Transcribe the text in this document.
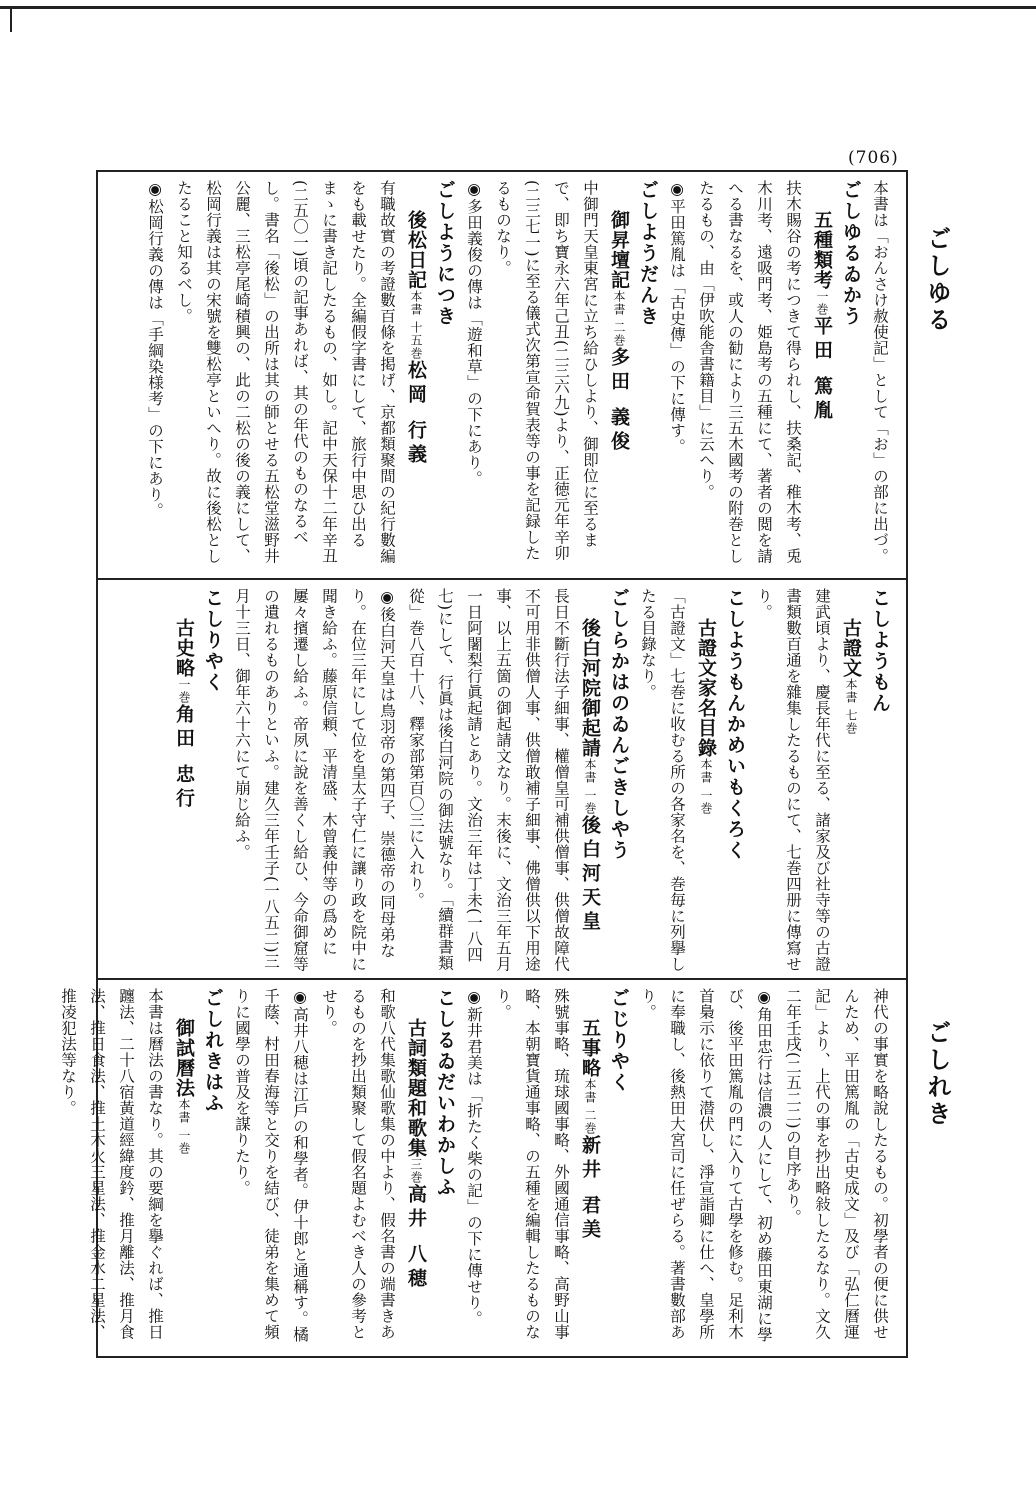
(706)
ごしゆる
ごしれき

本書は「おんさけ赦使記」として「お」の部に出づ。

ごしゆるゐかう

五種類考一巻平田 篤胤

扶木賜谷の考につきて得られし、扶桑記、稚木考、兎木川考、遠吸門考、姫島考の五種にて、著者の閲を請へる書なるを、或人の勧により三五木國考の附巻としたるもの、由「伊吹能舎書籍目」に云へり。

◉平田篤胤は「古史傳」の下に傳す。

ごしようだんき

御昇壇記本書 二巻多田 義俊

中御門天皇東宮に立ち給ひしより、御即位に至るまで、即ち寶永六年己丑(二三六九)より、正徳元年辛卯(二三七一)に至る儀式次第宣命賀表等の事を記録したるものなり。

◉多田義俊の傳は「遊和草」の下にあり。

ごしようにつき

後松日記本書 十五巻松岡 行義

有職故實の考證數百條を掲げ、京都類聚間の紀行數編をも載せたり。全編假字書にして、旅行中思ひ出るまゝに書き記したるもの、如し。記中天保十二年辛丑(二五〇一)頃の記事あれば、其の年代のものなるべし。書名「後松」の出所は其の師とせる五松堂滋野井公麗、三松亭尾崎積興の、此の二松の後の義にして、松岡行義は其の宋號を雙松亭といへり。故に後松としたること知るべし。

◉松岡行義の傳は「手綱染様考」の下にあり。

こしようもん

古證文本書 七巻

建武頃より、慶長年代に至る、諸家及び社寺等の古證書類數百通を雜集したるものにて、七巻四册に傳寫せり。

こしようもんかめいもくろく

古證文家名目錄本書 一巻

「古證文」七巻に收むる所の各家名を、巻毎に列擧したる目錄なり。

ごしらかはのゐんごきしやう

後白河院御起請本書 一巻後白河天皇

長日不斷行法子細事、權僧皇可補供僧事、供僧故障代不可用非供僧人事、供僧敢補子細事、佛僧供以下用途事、以上五箇の御起請文なり。末後に、文治三年五月一日阿闍梨行眞起請とあり。文治三年は丁未(一八四七)にして、行眞は後白河院の御法號なり。「續群書類從」巻八百十八、釋家部第百〇三に入れり。

◉後白河天皇は鳥羽帝の第四子、崇德帝の同母弟なり。在位三年にして位を皇太子守仁に讓り政を院中に聞き給ふ。藤原信頼、平清盛、木曾義仲等の爲めに屢々擯遷し給ふ。帝夙に說を善くし給ひ、今命御窟等の遺れるものありといふ。建久三年壬子(一八五二)三月十三日、御年六十六にて崩じ給ふ。

こしりやく

古史略一巻角田 忠行

神代の事實を略說したるもの。初學者の便に供せんため、平田篤胤の「古史成文」及び「弘仁曆運記」より、上代の事を抄出略敍したるなり。文久二年壬戌(二五二二)の自序あり。

◉角田忠行は信濃の人にして、初め藤田東湖に學び、後平田篤胤の門に入りて古學を修む。足利木首梟示に依りて潜伏し、淨宣詣卿に仕へ、皇學所に奉職し、後熱田大宮司に任ぜらる。著書數部あり。

ごじりやく

五事略本書 二巻新井 君美

殊號事略、琉球國事略、外國通信事略、高野山事略、本朝寶貨通事略、の五種を編輯したるものなり。

◉新井君美は「折たく柴の記」の下に傳せり。

こしるゐだいわかしふ

古詞類題和歌集三巻高井 八穂

和歌八代集歌仙歌集の中より、假名書の端書きあるものを抄出類聚して假名題よむべき人の參考とせり。

◉高井八穂は江戶の和學者。伊十郎と通稱す。橘千蔭、村田春海等と交りを結び、徒弟を集めて頻りに國學の普及を謀りたり。

ごしれきはふ

御試曆法本書 一巻

本書は曆法の書なり。其の要綱を擧ぐれば、推日躔法、二十八宿黃道經緯度鈐、推月離法、推月食法、推日食法、推土木火三星法、推金水二星法、推凌犯法等なり。
